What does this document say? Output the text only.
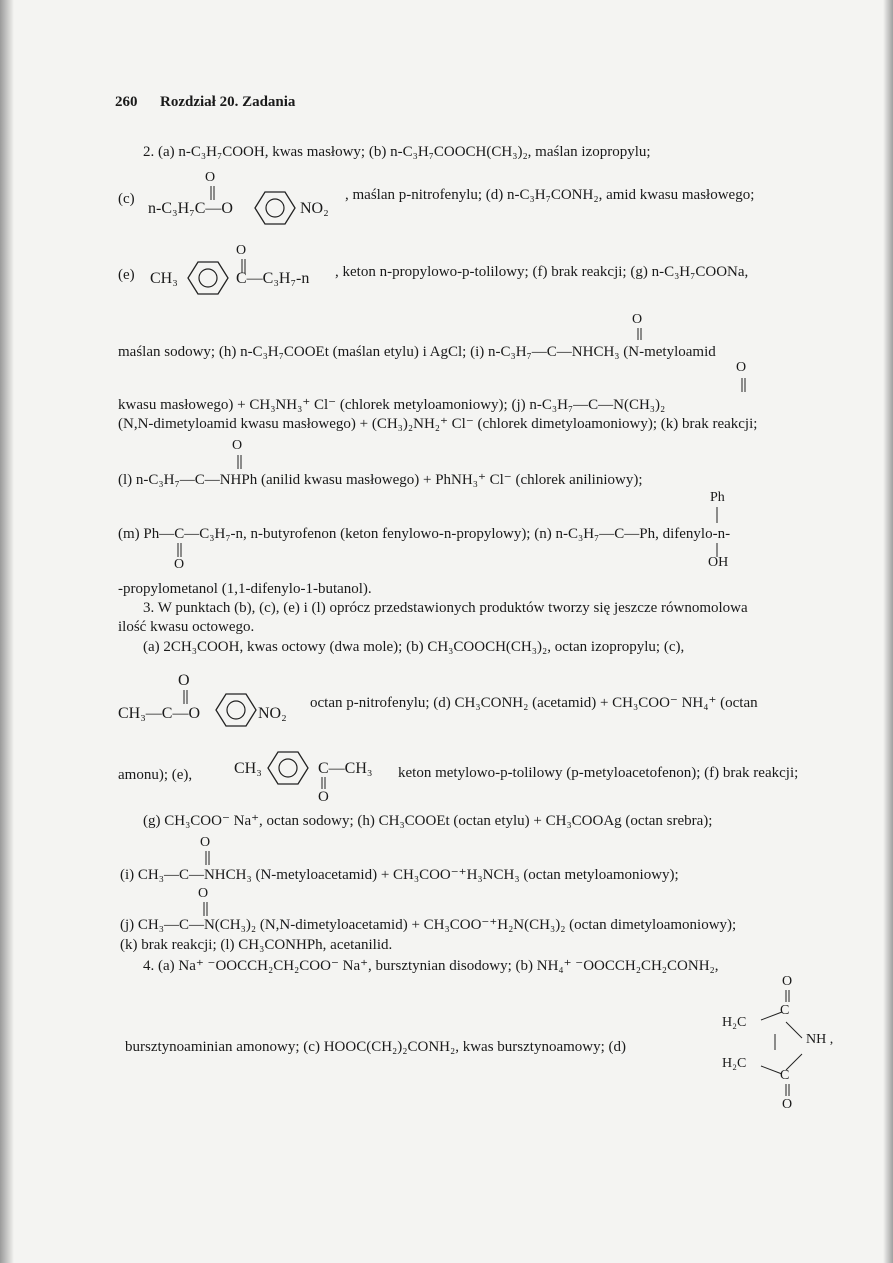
260 Rozdział 20. Zadania
2. (a) n-C₃H₇COOH, kwas masłowy; (b) n-C₃H₇COOCH(CH₃)₂, maślan izopropylu;
(c)
O
n-C₃H₇C—O	NO₂
, maślan p-nitrofenylu; (d) n-C₃H₇CONH₂, amid kwasu masłowego;
(e)
O
CH₃	C—C₃H₇-n , keton n-propylowo-p-tolilowy; (f) brak reakcji; (g) n-C₃H₇COONa,
O
maślan sodowy; (h) n-C₃H₇COOEt (maślan etylu) i AgCl; (i) n-C₃H₇—C—NHCH₃ (N-metyloamid
O
kwasu masłowego) + CH₃NH₃⁺ Cl⁻ (chlorek metyloamoniowy); (j) n-C₃H₇—C—N(CH₃)₂
(N,N-dimetyloamid kwasu masłowego) + (CH₃)₂NH₂⁺ Cl⁻ (chlorek dimetyloamoniowy); (k) brak reakcji;
O
(l) n-C₃H₇—C—NHPh (anilid kwasu masłowego) + PhNH₃⁺ Cl⁻ (chlorek aniliniowy);
Ph
(m) Ph—C—C₃H₇-n, n-butyrofenon (keton fenylowo-n-propylowy); (n) n-C₃H₇—C—Ph, difenylo-n-
O	OH
-propylometanol (1,1-difenylo-1-butanol).
3. W punktach (b), (c), (e) i (l) oprócz przedstawionych produktów tworzy się jeszcze równomolowa
ilość kwasu octowego.
(a) 2CH₃COOH, kwas octowy (dwa mole); (b) CH₃COOCH(CH₃)₂, octan izopropylu; (c),
O
CH₃—C—O	NO₂
octan p-nitrofenylu; (d) CH₃CONH₂ (acetamid) + CH₃COO⁻ NH₄⁺ (octan
amonu); (e),	CH₃	C—CH₃ keton metylowo-p-tolilowy (p-metyloacetofenon); (f) brak reakcji;
O
(g) CH₃COO⁻ Na⁺, octan sodowy; (h) CH₃COOEt (octan etylu) + CH₃COOAg (octan srebra);
O
(i) CH₃—C—NHCH₃ (N-metyloacetamid) + CH₃COO⁻⁺H₃NCH₃ (octan metyloamoniowy);
O
(j) CH₃—C—N(CH₃)₂ (N,N-dimetyloacetamid) + CH₃COO⁻⁺H₂N(CH₃)₂ (octan dimetyloamoniowy);
(k) brak reakcji; (l) CH₃CONHPh, acetanilid.
4. (a) Na⁺ ⁻OOCCH₂CH₂COO⁻ Na⁺, bursztynian disodowy; (b) NH₄⁺ ⁻OOCCH₂CH₂CONH₂,
bursztynoaminian amonowy; (c) HOOC(CH₂)₂CONH₂, kwas bursztynoamowy; (d)
O
H₂C
C
NH ,
H₂C
C
O
